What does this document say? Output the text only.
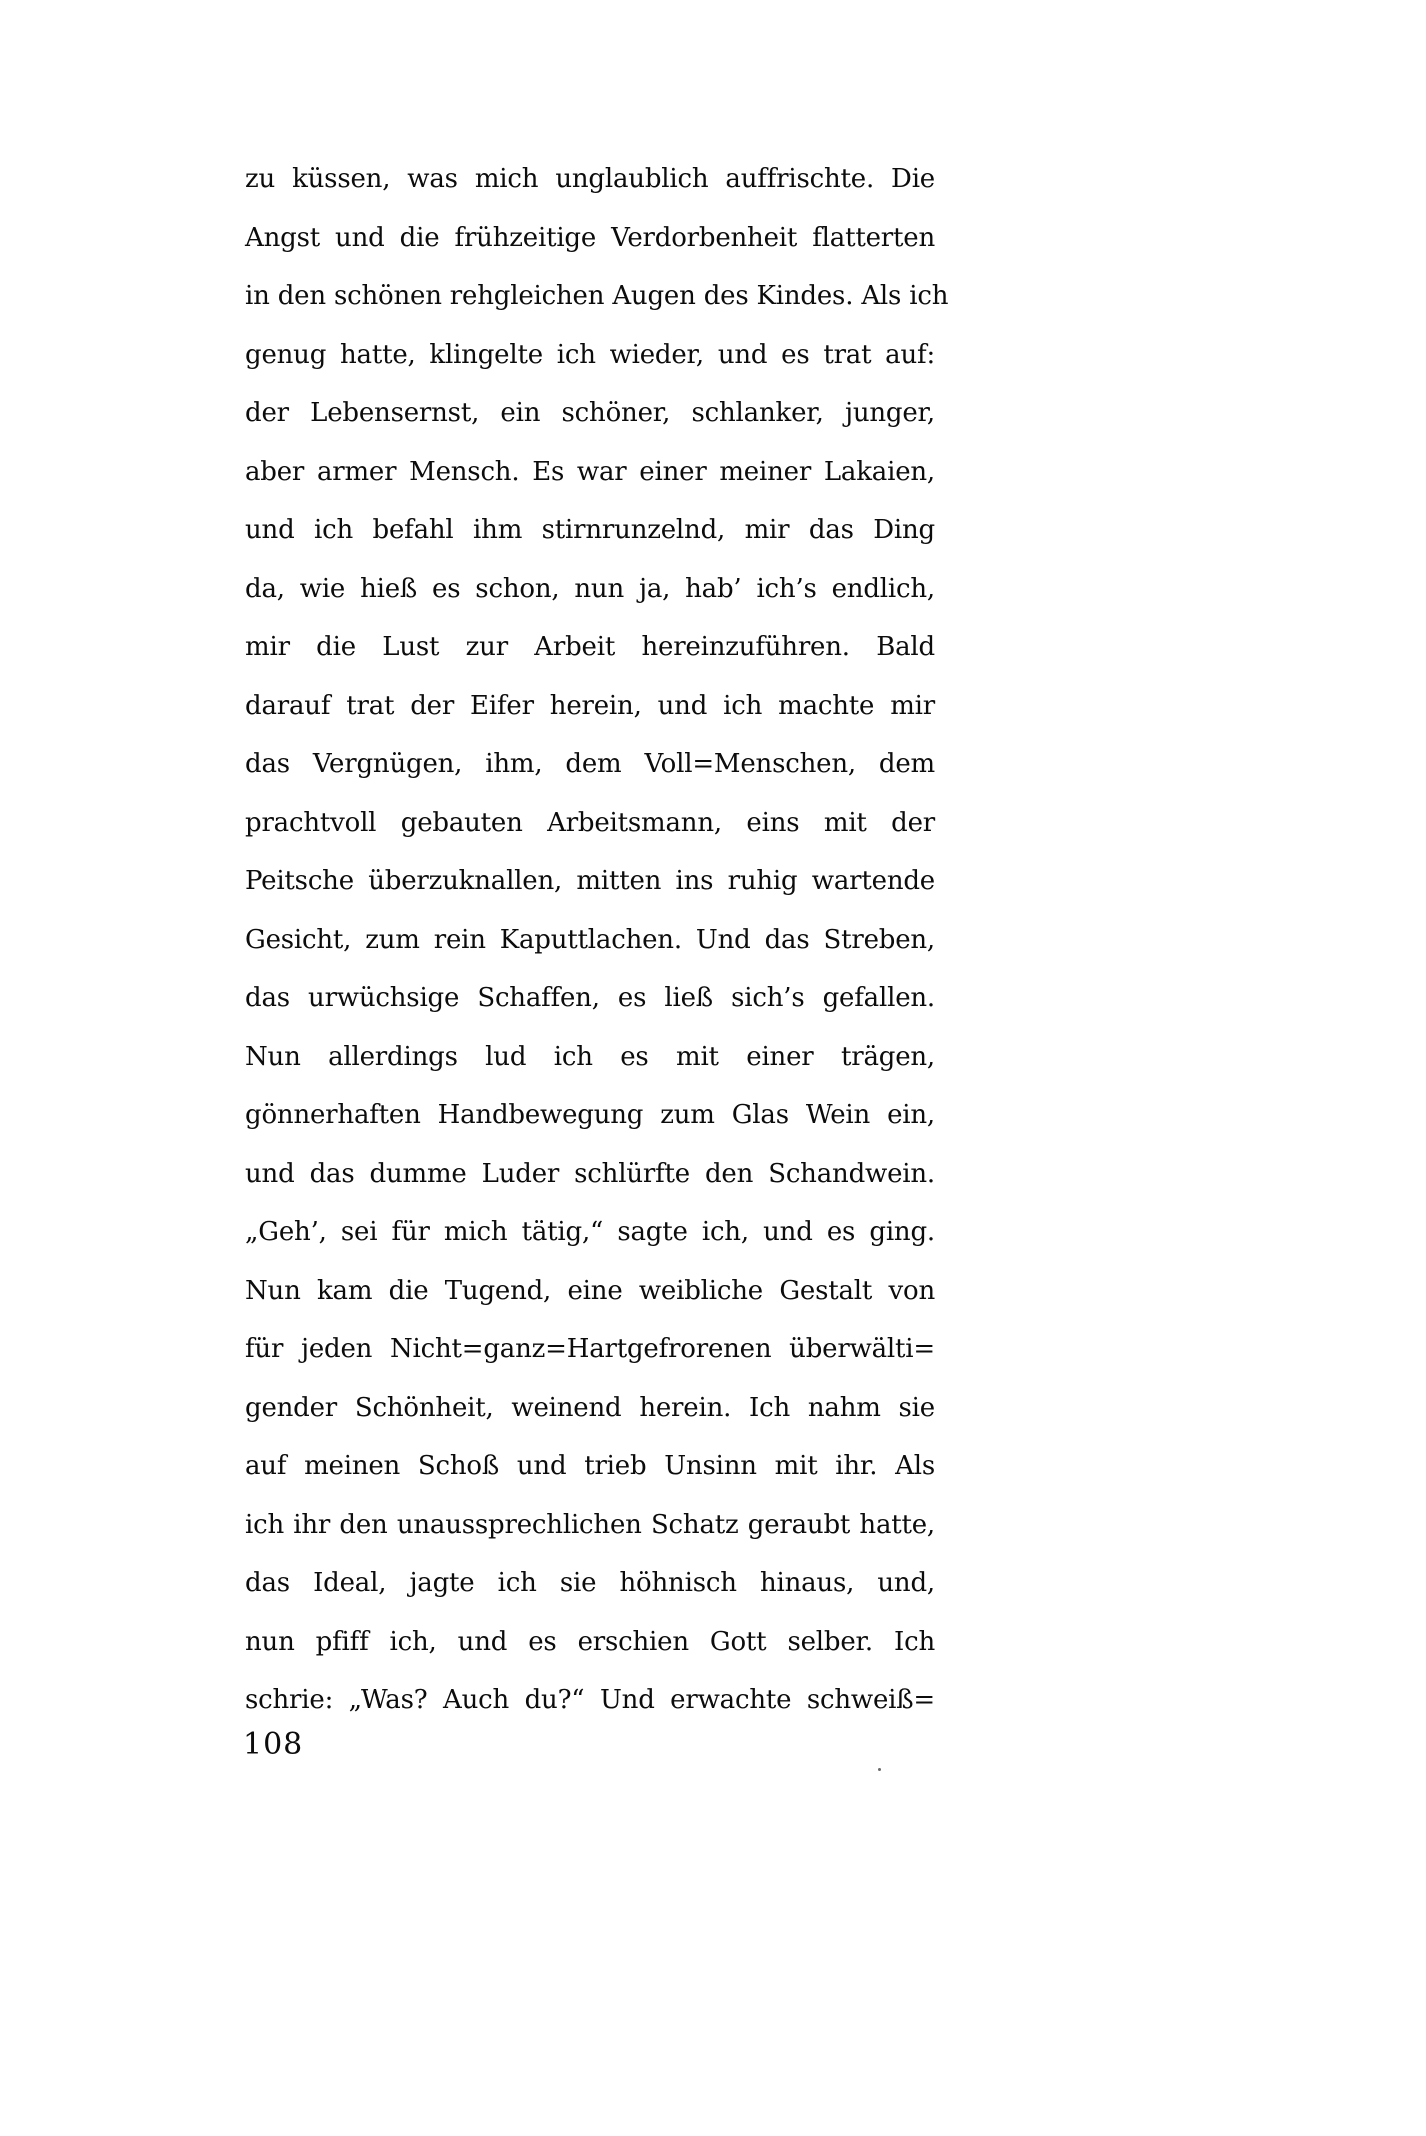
zu küssen, was mich unglaublich auffrischte. Die
Angst und die frühzeitige Verdorbenheit flatterten
in den schönen rehgleichen Augen des Kindes. Als ich
genug hatte, klingelte ich wieder, und es trat auf:
der Lebensernst, ein schöner, schlanker, junger,
aber armer Mensch. Es war einer meiner Lakaien,
und ich befahl ihm stirnrunzelnd, mir das Ding
da, wie hieß es schon, nun ja, hab’ ich’s endlich,
mir die Lust zur Arbeit hereinzuführen. Bald
darauf trat der Eifer herein, und ich machte mir
das Vergnügen, ihm, dem Voll=Menschen, dem
prachtvoll gebauten Arbeitsmann, eins mit der
Peitsche überzuknallen, mitten ins ruhig wartende
Gesicht, zum rein Kaputtlachen. Und das Streben,
das urwüchsige Schaffen, es ließ sich’s gefallen.
Nun allerdings lud ich es mit einer trägen,
gönnerhaften Handbewegung zum Glas Wein ein,
und das dumme Luder schlürfte den Schandwein.
„Geh’, sei für mich tätig,“ sagte ich, und es ging.
Nun kam die Tugend, eine weibliche Gestalt von
für jeden Nicht=ganz=Hartgefrorenen überwälti=
gender Schönheit, weinend herein. Ich nahm sie
auf meinen Schoß und trieb Unsinn mit ihr. Als
ich ihr den unaussprechlichen Schatz geraubt hatte,
das Ideal, jagte ich sie höhnisch hinaus, und,
nun pfiff ich, und es erschien Gott selber. Ich
schrie: „Was? Auch du?“ Und erwachte schweiß=
108
